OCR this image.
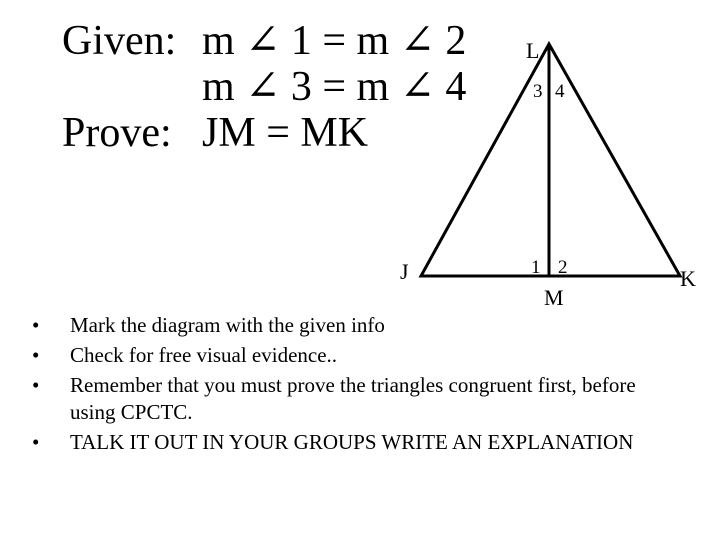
Given: m ∠ 1 = m ∠ 2
m ∠ 3 = m ∠ 4
Prove: JM = MK
L
J	K
M
3 4
1 2
• Mark the diagram with the given info
• Check for free visual evidence..
• Remember that you must prove the triangles congruent first, before using CPCTC.
• TALK IT OUT IN YOUR GROUPS WRITE AN EXPLANATION
